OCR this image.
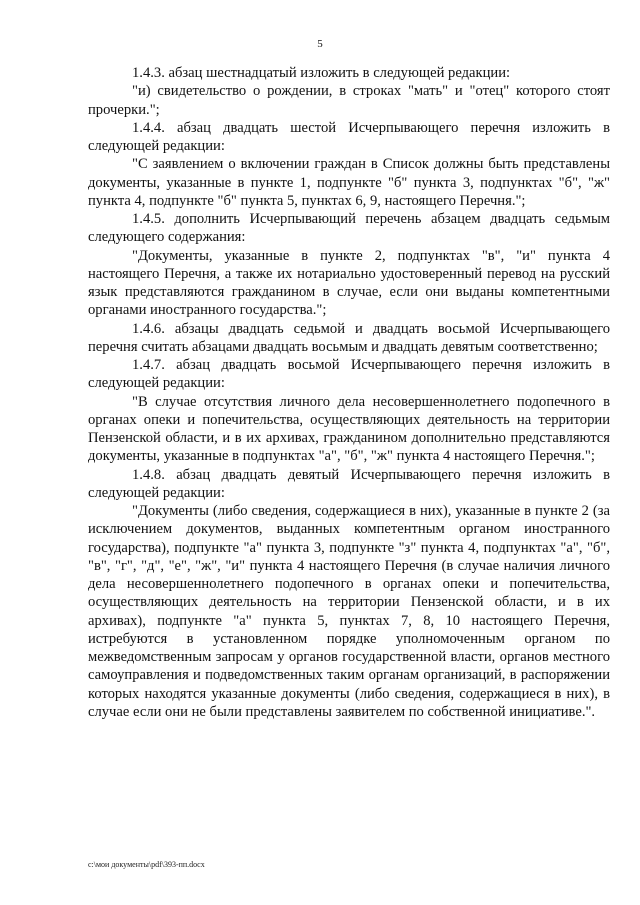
5

1.4.3. абзац шестнадцатый изложить в следующей редакции:

"и) свидетельство о рождении, в строках "мать" и "отец" которого стоят прочерки.";

1.4.4. абзац двадцать шестой Исчерпывающего перечня изложить в следующей редакции:

"С заявлением о включении граждан в Список должны быть представлены документы, указанные в пункте 1, подпункте "б" пункта 3, подпунктах "б", "ж" пункта 4, подпункте "б" пункта 5, пунктах 6, 9, настоящего Перечня.";

1.4.5. дополнить Исчерпывающий перечень абзацем двадцать седьмым следующего содержания:

"Документы, указанные в пункте 2, подпунктах "в", "и" пункта 4 настоящего Перечня, а также их нотариально удостоверенный перевод на русский язык представляются гражданином в случае, если они выданы компетентными органами иностранного государства.";

1.4.6. абзацы двадцать седьмой и двадцать восьмой Исчерпывающего перечня считать абзацами двадцать восьмым и двадцать девятым соответственно;

1.4.7. абзац двадцать восьмой Исчерпывающего перечня изложить в следующей редакции:

"В случае отсутствия личного дела несовершеннолетнего подопечного в органах опеки и попечительства, осуществляющих деятельность на территории Пензенской области, и в их архивах, гражданином дополнительно представляются документы, указанные в подпунктах "а", "б", "ж" пункта 4 настоящего Перечня.";

1.4.8. абзац двадцать девятый Исчерпывающего перечня изложить в следующей редакции:

"Документы (либо сведения, содержащиеся в них), указанные в пункте 2 (за исключением документов, выданных компетентным органом иностранного государства), подпункте "а" пункта 3, подпункте "з" пункта 4, подпунктах "а", "б", "в", "г", "д", "е", "ж", "и" пункта 4 настоящего Перечня (в случае наличия личного дела несовершеннолетнего подопечного в органах опеки и попечительства, осуществляющих деятельность на территории Пензенской области, и в их архивах), подпункте "а" пункта 5, пунктах 7, 8, 10 настоящего Перечня, истребуются в установленном порядке уполномоченным органом по межведомственным запросам у органов государственной власти, органов местного самоуправления и подведомственных таким органам организаций, в распоряжении которых находятся указанные документы (либо сведения, содержащиеся в них), в случае если они не были представлены заявителем по собственной инициативе.".

c:\мои документы\pdf\393-пп.docx
